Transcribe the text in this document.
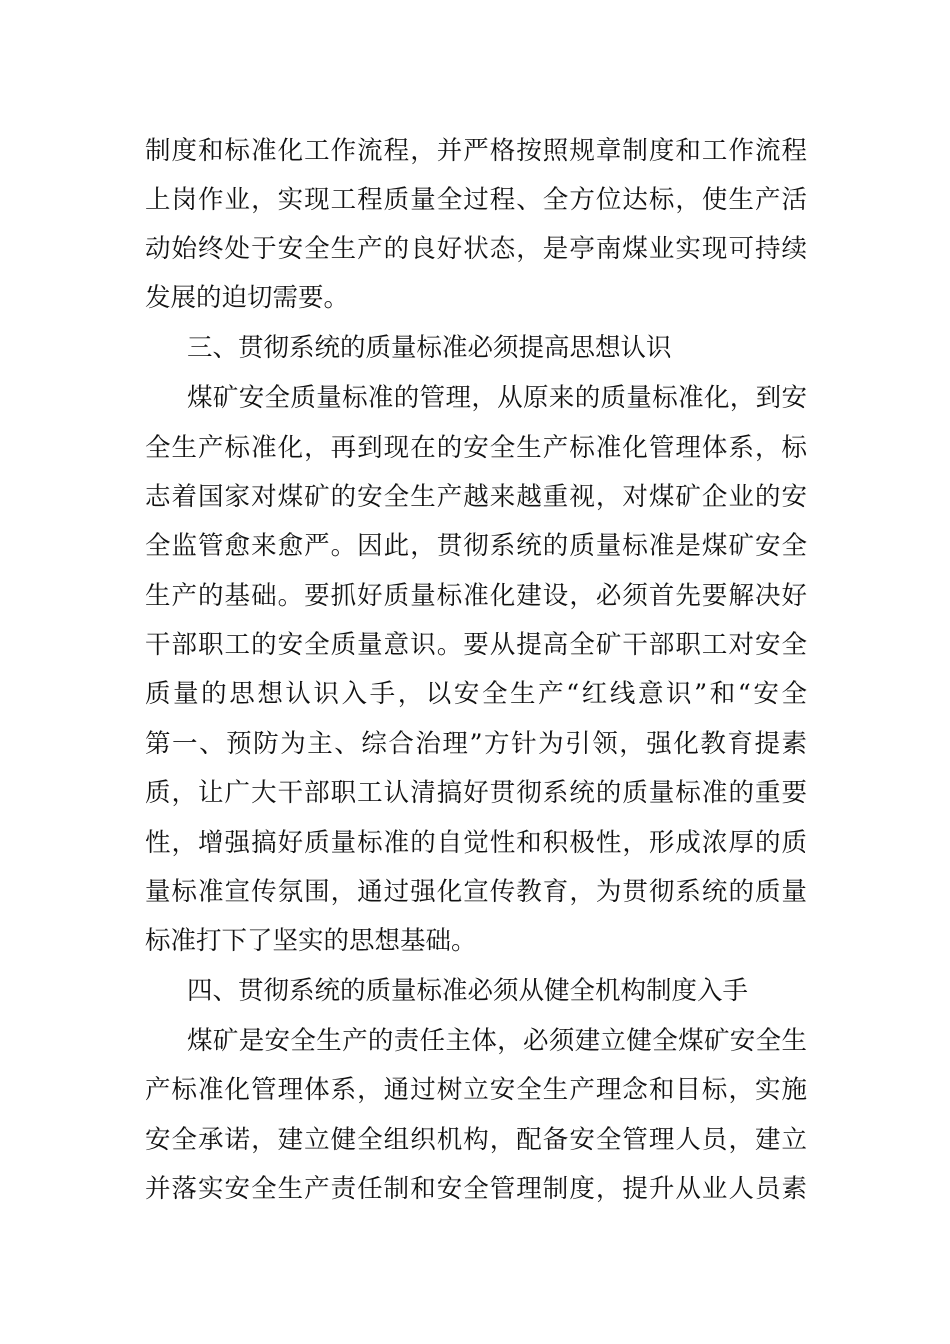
制度和标准化工作流程，并严格按照规章制度和工作流程
上岗作业，实现工程质量全过程、全方位达标，使生产活
动始终处于安全生产的良好状态，是亭南煤业实现可持续
发展的迫切需要。
三、贯彻系统的质量标准必须提高思想认识
煤矿安全质量标准的管理，从原来的质量标准化，到安
全生产标准化，再到现在的安全生产标准化管理体系，标
志着国家对煤矿的安全生产越来越重视，对煤矿企业的安
全监管愈来愈严。因此，贯彻系统的质量标准是煤矿安全
生产的基础。要抓好质量标准化建设，必须首先要解决好
干部职工的安全质量意识。要从提高全矿干部职工对安全
质量的思想认识入手，以安全生产“红线意识”和“安全
第一、预防为主、综合治理”方针为引领，强化教育提素
质，让广大干部职工认清搞好贯彻系统的质量标准的重要
性，增强搞好质量标准的自觉性和积极性，形成浓厚的质
量标准宣传氛围，通过强化宣传教育，为贯彻系统的质量
标准打下了坚实的思想基础。
四、贯彻系统的质量标准必须从健全机构制度入手
煤矿是安全生产的责任主体，必须建立健全煤矿安全生
产标准化管理体系，通过树立安全生产理念和目标，实施
安全承诺，建立健全组织机构，配备安全管理人员，建立
并落实安全生产责任制和安全管理制度，提升从业人员素
